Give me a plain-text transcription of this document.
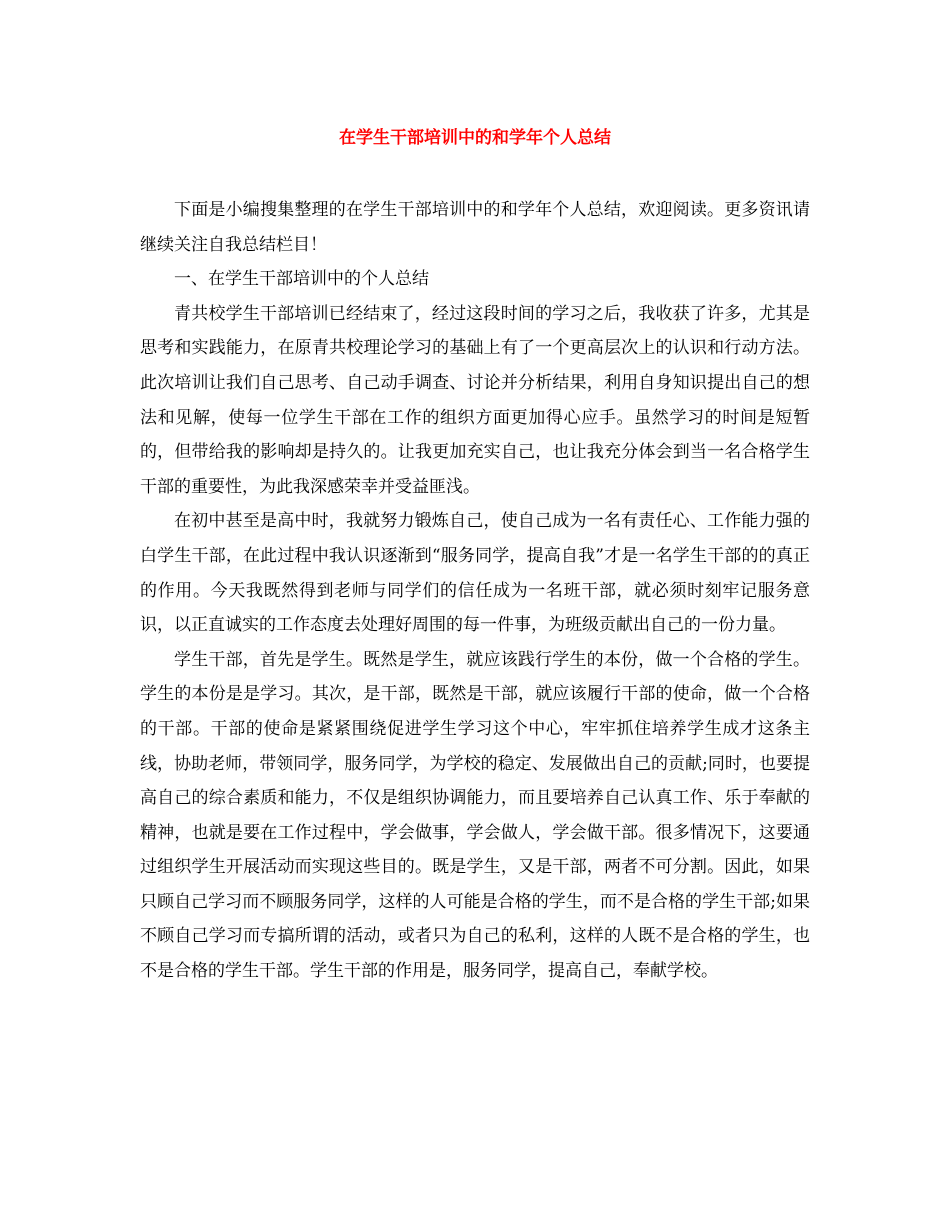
在学生干部培训中的和学年个人总结

下面是小编搜集整理的在学生干部培训中的和学年个人总结，欢迎阅读。更多资讯请继续关注自我总结栏目！

一、在学生干部培训中的个人总结

青共校学生干部培训已经结束了，经过这段时间的学习之后，我收获了许多，尤其是思考和实践能力，在原青共校理论学习的基础上有了一个更高层次上的认识和行动方法。此次培训让我们自己思考、自己动手调查、讨论并分析结果，利用自身知识提出自己的想法和见解，使每一位学生干部在工作的组织方面更加得心应手。虽然学习的时间是短暂的，但带给我的影响却是持久的。让我更加充实自己，也让我充分体会到当一名合格学生干部的重要性，为此我深感荣幸并受益匪浅。

在初中甚至是高中时，我就努力锻炼自己，使自己成为一名有责任心、工作能力强的白学生干部，在此过程中我认识逐渐到“服务同学，提高自我”才是一名学生干部的的真正的作用。今天我既然得到老师与同学们的信任成为一名班干部，就必须时刻牢记服务意识，以正直诚实的工作态度去处理好周围的每一件事，为班级贡献出自己的一份力量。

学生干部，首先是学生。既然是学生，就应该践行学生的本份，做一个合格的学生。学生的本份是是学习。其次，是干部，既然是干部，就应该履行干部的使命，做一个合格的干部。干部的使命是紧紧围绕促进学生学习这个中心，牢牢抓住培养学生成才这条主线，协助老师，带领同学，服务同学，为学校的稳定、发展做出自己的贡献;同时，也要提高自己的综合素质和能力，不仅是组织协调能力，而且要培养自己认真工作、乐于奉献的精神，也就是要在工作过程中，学会做事，学会做人，学会做干部。很多情况下，这要通过组织学生开展活动而实现这些目的。既是学生，又是干部，两者不可分割。因此，如果只顾自己学习而不顾服务同学，这样的人可能是合格的学生，而不是合格的学生干部;如果不顾自己学习而专搞所谓的活动，或者只为自己的私利，这样的人既不是合格的学生，也不是合格的学生干部。学生干部的作用是，服务同学，提高自己，奉献学校。
